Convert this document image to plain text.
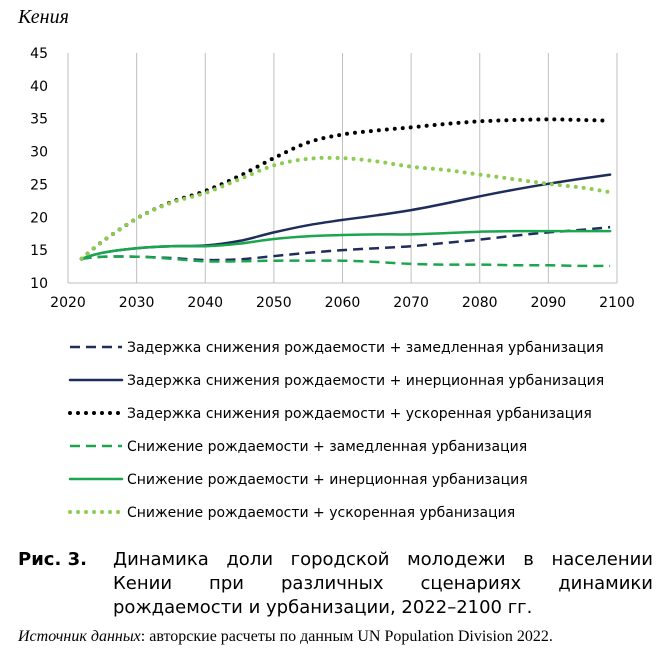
Кения
2020 2030 2040 2050 2060 2070 2080 2090 2100
10
15
20
25
30
35
40
45
Задержка снижения рождаемости + замедленная урбанизация
Задержка снижения рождаемости + инерционная урбанизация
Задержка снижения рождаемости + ускоренная урбанизация
Снижение рождаемости + замедленная урбанизация
Снижение рождаемости + инерционная урбанизация
Снижение рождаемости + ускоренная урбанизация
Рис. 3. Динамика доли городской молодежи в населении Кении при различных сценариях динамики рождаемости и урбанизации, 2022–2100 гг.
Источник данных: авторские расчеты по данным UN Population Division 2022.
